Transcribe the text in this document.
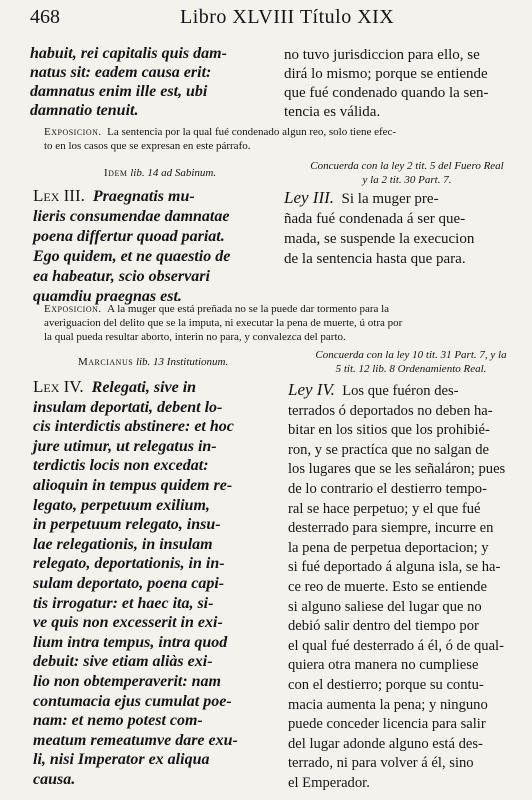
468	Libro XLVIII Título XIX
habuit, rei capitalis quis dam-
natus sit: eadem causa erit:
damnatus enim ille est, ubi
damnatio tenuit.
no tuvo jurisdiccion para ello, se
dirá lo mismo; porque se entiende
que fué condenado quando la sen-
tencia es válida.
Exposicion. La sentencia por la qual fué condenado algun reo, solo tiene efec-
to en los casos que se expresan en este párrafo.
Idem lib. 14 ad Sabinum.
Concuerda con la ley 2 tit. 5 del Fuero Real
y la 2 tit. 30 Part. 7.
Lex III. Praegnatis mu-
lieris consumendae damnatae
poena differtur quoad pariat.
Ego quidem, et ne quaestio de
ea habeatur, scio observari
quamdiu praegnas est.
Ley III. Si la muger pre-
ñada fué condenada á ser que-
mada, se suspende la execucion
de la sentencia hasta que para.
Exposicion. A la muger que está preñada no se la puede dar tormento para la
averiguacion del delito que se la imputa, ni executar la pena de muerte, ú otra por
la qual pueda resultar aborto, interin no para, y convalezca del parto.
Marcianus lib. 13 Institutionum.
Concuerda con la ley 10 tit. 31 Part. 7, y la
5 tit. 12 lib. 8 Ordenamiento Real.
Lex IV. Relegati, sive in
insulam deportati, debent lo-
cis interdictis abstinere: et hoc
jure utimur, ut relegatus in-
terdictis locis non excedat:
alioquin in tempus quidem re-
legato, perpetuum exilium,
in perpetuum relegato, insu-
lae relegationis, in insulam
relegato, deportationis, in in-
sulam deportato, poena capi-
tis irrogatur: et haec ita, si-
ve quis non excesserit in exi-
lium intra tempus, intra quod
debuit: sive etiam aliàs exi-
lio non obtemperaverit: nam
contumacia ejus cumulat poe-
nam: et nemo potest com-
meatum remeatumve dare exu-
li, nisi Imperator ex aliqua
causa.
Ley IV. Los que fuéron des-
terrados ó deportados no deben ha-
bitar en los sitios que los prohibié-
ron, y se practíca que no salgan de
los lugares que se les señaláron; pues
de lo contrario el destierro tempo-
ral se hace perpetuo; y el que fué
desterrado para siempre, incurre en
la pena de perpetua deportacion; y
si fué deportado á alguna isla, se ha-
ce reo de muerte. Esto se entiende
si alguno saliese del lugar que no
debió salir dentro del tiempo por
el qual fué desterrado á él, ó de qual-
quiera otra manera no cumpliese
con el destierro; porque su contu-
macia aumenta la pena; y ninguno
puede conceder licencia para salir
del lugar adonde alguno está des-
terrado, ni para volver á él, sino
el Emperador.
